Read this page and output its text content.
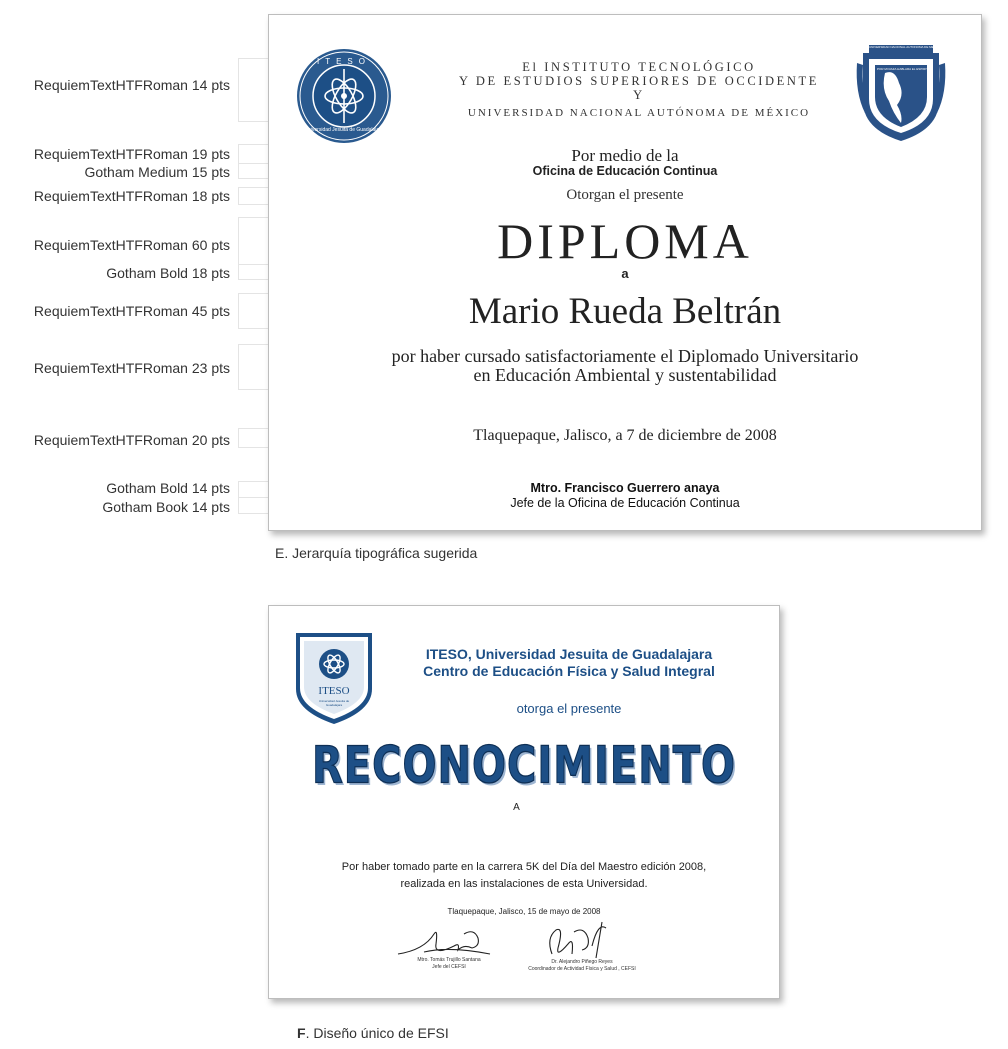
RequiemTextHTFRoman 14 pts
RequiemTextHTFRoman 19 pts
Gotham Medium 15 pts
RequiemTextHTFRoman 18 pts
RequiemTextHTFRoman 60 pts
Gotham Bold 18 pts
RequiemTextHTFRoman 45 pts
RequiemTextHTFRoman 23 pts
RequiemTextHTFRoman 20 pts
Gotham Bold 14 pts
Gotham Book 14 pts
ITESO
Universidad Jesuita de Guadalajara
UNIVERSIDAD NACIONAL AUTONOMA DE MEXICO
POR MI RAZA HABLARA EL ESPIRITU
El INSTITUTO TECNOLÓGICO
Y DE ESTUDIOS SUPERIORES DE OCCIDENTE
Y
UNIVERSIDAD NACIONAL AUTÓNOMA DE MÉXICO
Por medio de la
Oficina de Educación Continua
Otorgan el presente
DIPLOMA
a
Mario Rueda Beltrán
por haber cursado satisfactoriamente el Diplomado Universitario
en Educación Ambiental y sustentabilidad
Tlaquepaque, Jalisco, a 7 de diciembre de 2008
Mtro. Francisco Guerrero anaya
Jefe de la Oficina de Educación Continua
E. Jerarquía tipográfica sugerida
ITESO
Universidad Jesuita de Guadalajara
ITESO, Universidad Jesuita de Guadalajara
Centro de Educación Física y Salud Integral
otorga el presente
RECONOCIMIENTO
A
Por haber tomado parte en la carrera 5K del Día del Maestro edición 2008,
realizada en las instalaciones de esta Universidad.
Tlaquepaque, Jalisco, 15 de mayo de 2008
Mtro. Tomás Trujillo Santana
Jefe del CEFSI
Dr. Alejandro Piñego Reyes
Coordinador de Actividad Física y Salud , CEFSI
F. Diseño único de EFSI
